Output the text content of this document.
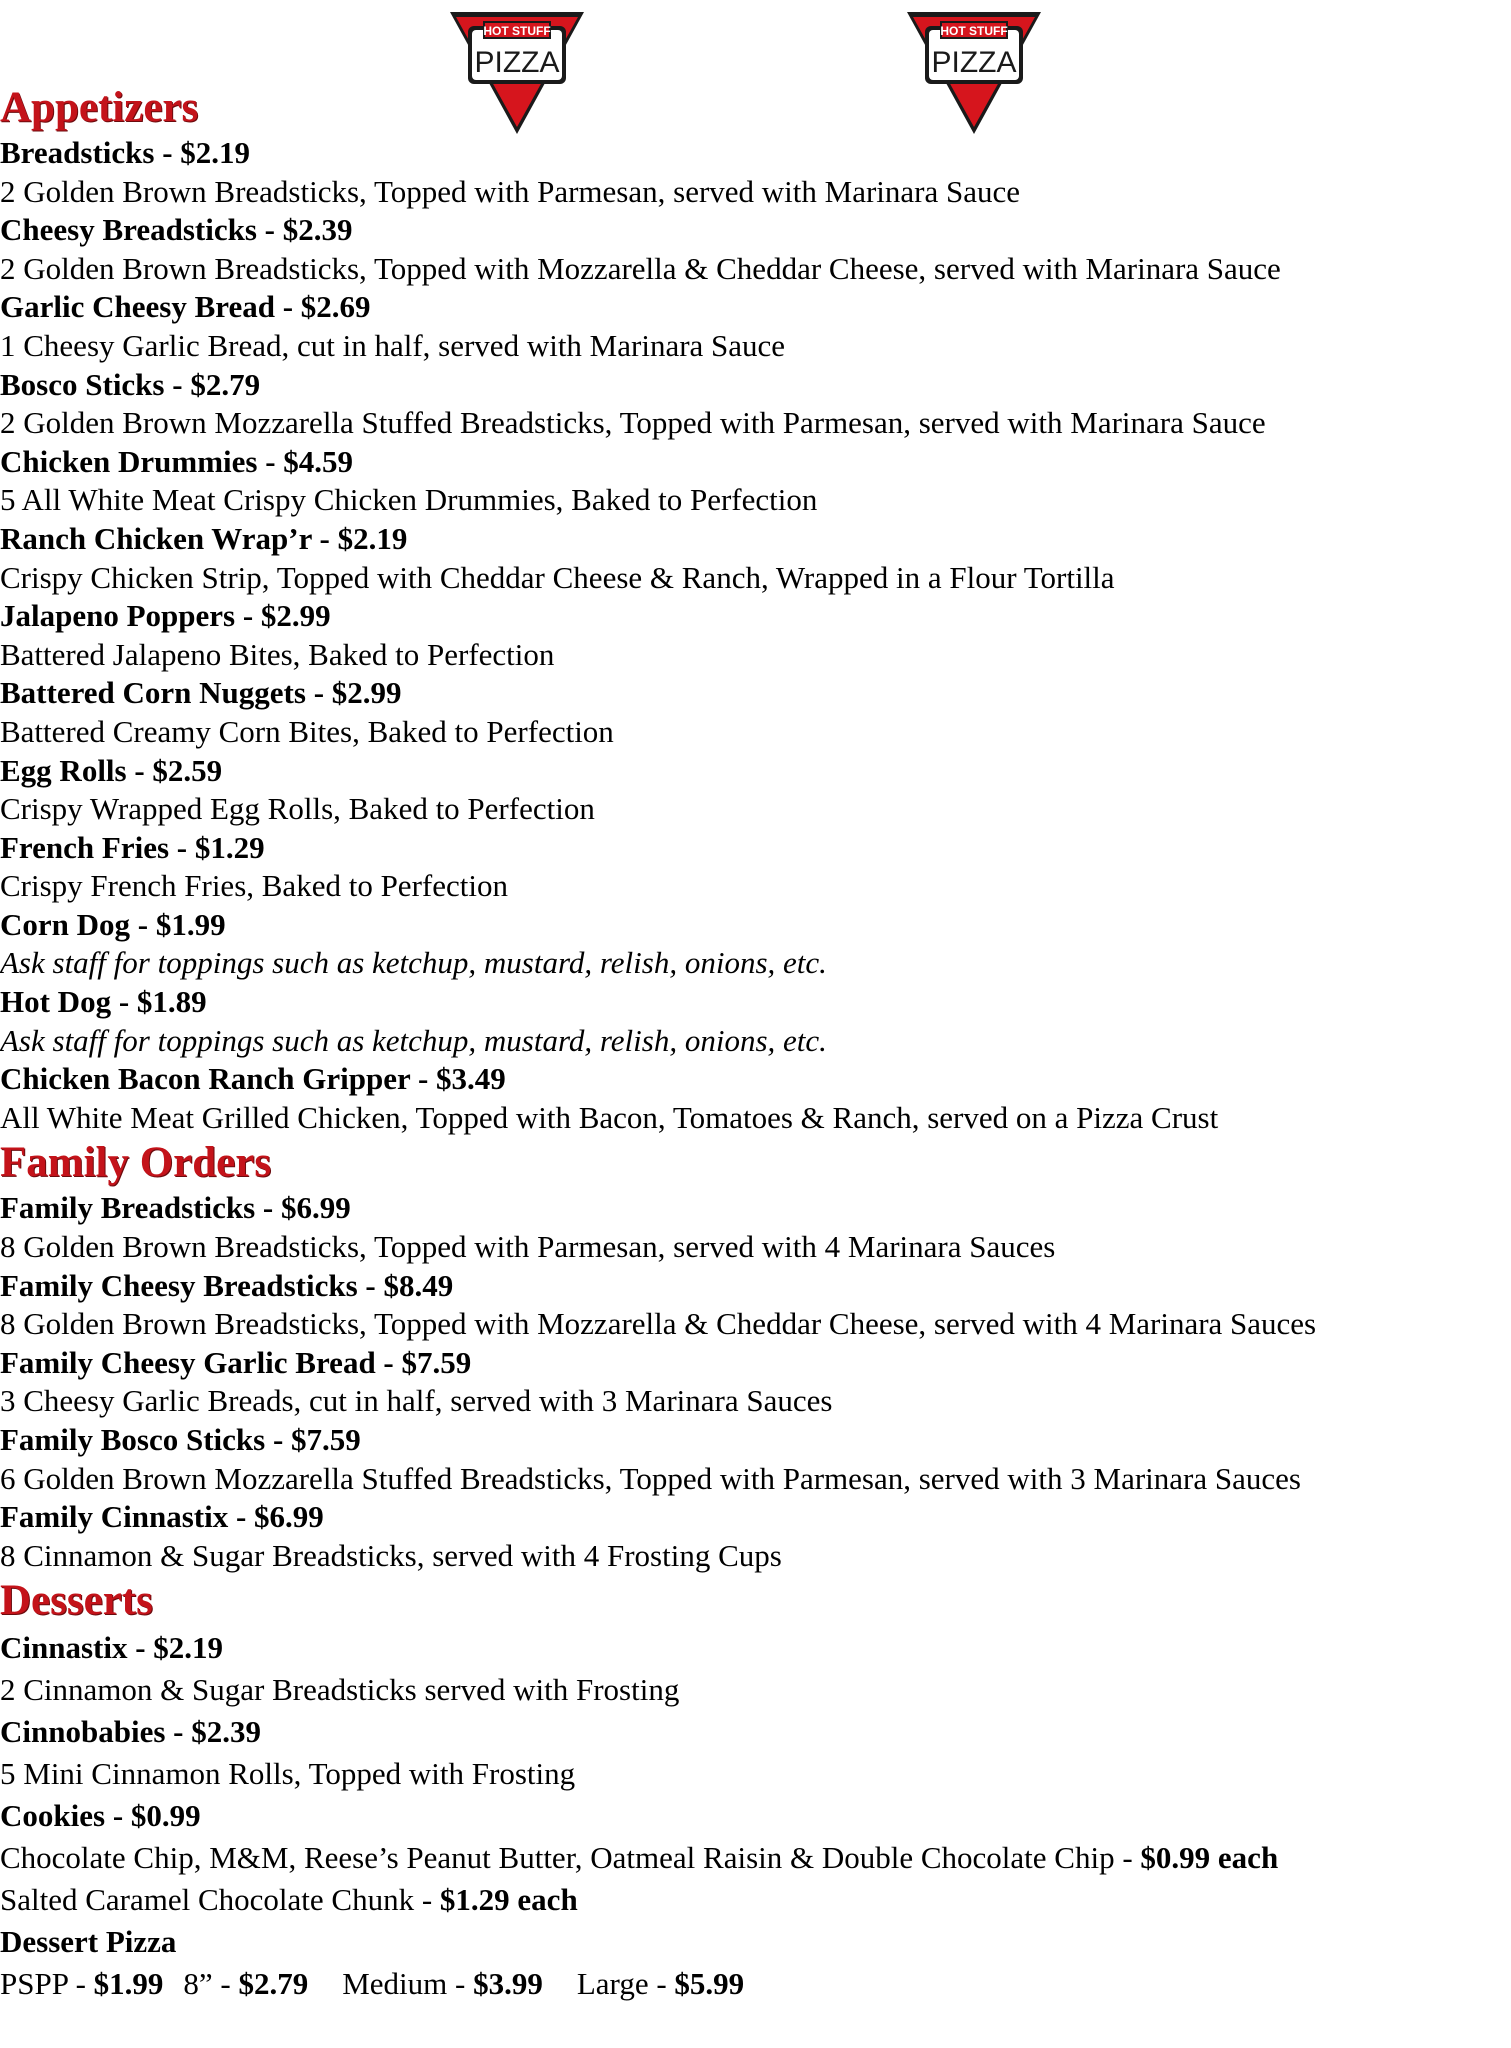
HOT STUFF
PIZZA
HOT STUFF
PIZZA
Appetizers
Breadsticks - $2.19
2 Golden Brown Breadsticks, Topped with Parmesan, served with Marinara Sauce
Cheesy Breadsticks - $2.39
2 Golden Brown Breadsticks, Topped with Mozzarella & Cheddar Cheese, served with Marinara Sauce
Garlic Cheesy Bread - $2.69
1 Cheesy Garlic Bread, cut in half, served with Marinara Sauce
Bosco Sticks - $2.79
2 Golden Brown Mozzarella Stuffed Breadsticks, Topped with Parmesan, served with Marinara Sauce
Chicken Drummies - $4.59
5 All White Meat Crispy Chicken Drummies, Baked to Perfection
Ranch Chicken Wrap’r - $2.19
Crispy Chicken Strip, Topped with Cheddar Cheese & Ranch, Wrapped in a Flour Tortilla
Jalapeno Poppers - $2.99
Battered Jalapeno Bites, Baked to Perfection
Battered Corn Nuggets - $2.99
Battered Creamy Corn Bites, Baked to Perfection
Egg Rolls - $2.59
Crispy Wrapped Egg Rolls, Baked to Perfection
French Fries - $1.29
Crispy French Fries, Baked to Perfection
Corn Dog - $1.99
Ask staff for toppings such as ketchup, mustard, relish, onions, etc.
Hot Dog - $1.89
Ask staff for toppings such as ketchup, mustard, relish, onions, etc.
Chicken Bacon Ranch Gripper - $3.49
All White Meat Grilled Chicken, Topped with Bacon, Tomatoes & Ranch, served on a Pizza Crust
Family Orders
Family Breadsticks - $6.99
8 Golden Brown Breadsticks, Topped with Parmesan, served with 4 Marinara Sauces
Family Cheesy Breadsticks - $8.49
8 Golden Brown Breadsticks, Topped with Mozzarella & Cheddar Cheese, served with 4 Marinara Sauces
Family Cheesy Garlic Bread - $7.59
3 Cheesy Garlic Breads, cut in half, served with 3 Marinara Sauces
Family Bosco Sticks - $7.59
6 Golden Brown Mozzarella Stuffed Breadsticks, Topped with Parmesan, served with 3 Marinara Sauces
Family Cinnastix - $6.99
8 Cinnamon & Sugar Breadsticks, served with 4 Frosting Cups
Desserts
Cinnastix - $2.19
2 Cinnamon & Sugar Breadsticks served with Frosting
Cinnobabies - $2.39
5 Mini Cinnamon Rolls, Topped with Frosting
Cookies - $0.99
Chocolate Chip, M&M, Reese’s Peanut Butter, Oatmeal Raisin & Double Chocolate Chip - $0.99 each
Salted Caramel Chocolate Chunk - $1.29 each
Dessert Pizza
PSPP - $1.99 8” - $2.79 Medium - $3.99 Large - $5.99
